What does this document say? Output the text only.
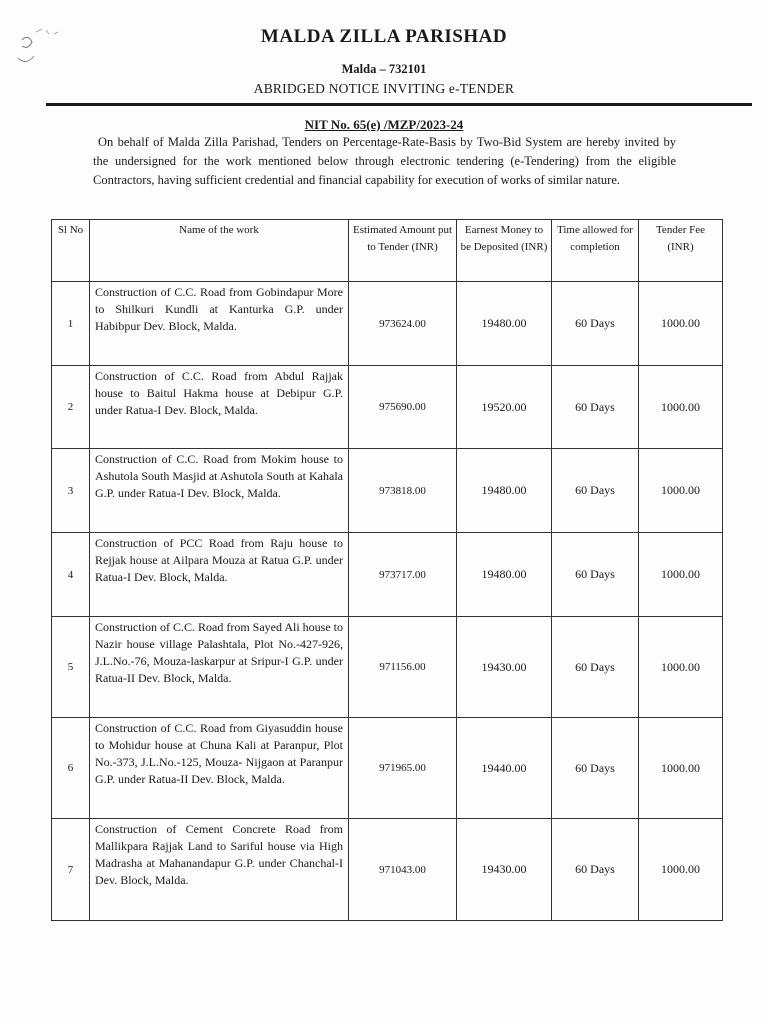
MALDA ZILLA PARISHAD
Malda – 732101
ABRIDGED NOTICE INVITING e-TENDER
NIT No. 65(e) /MZP/2023-24
On behalf of Malda Zilla Parishad, Tenders on Percentage-Rate-Basis by Two-Bid System are hereby invited by the undersigned for the work mentioned below through electronic tendering (e-Tendering) from the eligible Contractors, having sufficient credential and financial capability for execution of works of similar nature.
Sl No	Name of the work	Estimated Amount put to Tender (INR)	Earnest Money to be Deposited (INR)	Time allowed for completion	Tender Fee (INR)
1	Construction of C.C. Road from Gobindapur More to Shilkuri Kundli at Kanturka G.P. under Habibpur Dev. Block, Malda.	973624.00	19480.00	60 Days	1000.00
2	Construction of C.C. Road from Abdul Rajjak house to Baitul Hakma house at Debipur G.P. under Ratua-I Dev. Block, Malda.	975690.00	19520.00	60 Days	1000.00
3	Construction of C.C. Road from Mokim house to Ashutola South Masjid at Ashutola South at Kahala G.P. under Ratua-I Dev. Block, Malda.	973818.00	19480.00	60 Days	1000.00
4	Construction of PCC Road from Raju house to Rejjak house at Ailpara Mouza at Ratua G.P. under Ratua-I Dev. Block, Malda.	973717.00	19480.00	60 Days	1000.00
5	Construction of C.C. Road from Sayed Ali house to Nazir house village Palashtala, Plot No.-427-926, J.L.No.-76, Mouza-laskarpur at Sripur-I G.P. under Ratua-II Dev. Block, Malda.	971156.00	19430.00	60 Days	1000.00
6	Construction of C.C. Road from Giyasuddin house to Mohidur house at Chuna Kali at Paranpur, Plot No.-373, J.L.No.-125, Mouza- Nijgaon at Paranpur G.P. under Ratua-II Dev. Block, Malda.	971965.00	19440.00	60 Days	1000.00
7	Construction of Cement Concrete Road from Mallikpara Rajjak Land to Sariful house via High Madrasha at Mahanandapur G.P. under Chanchal-I Dev. Block, Malda.	971043.00	19430.00	60 Days	1000.00
